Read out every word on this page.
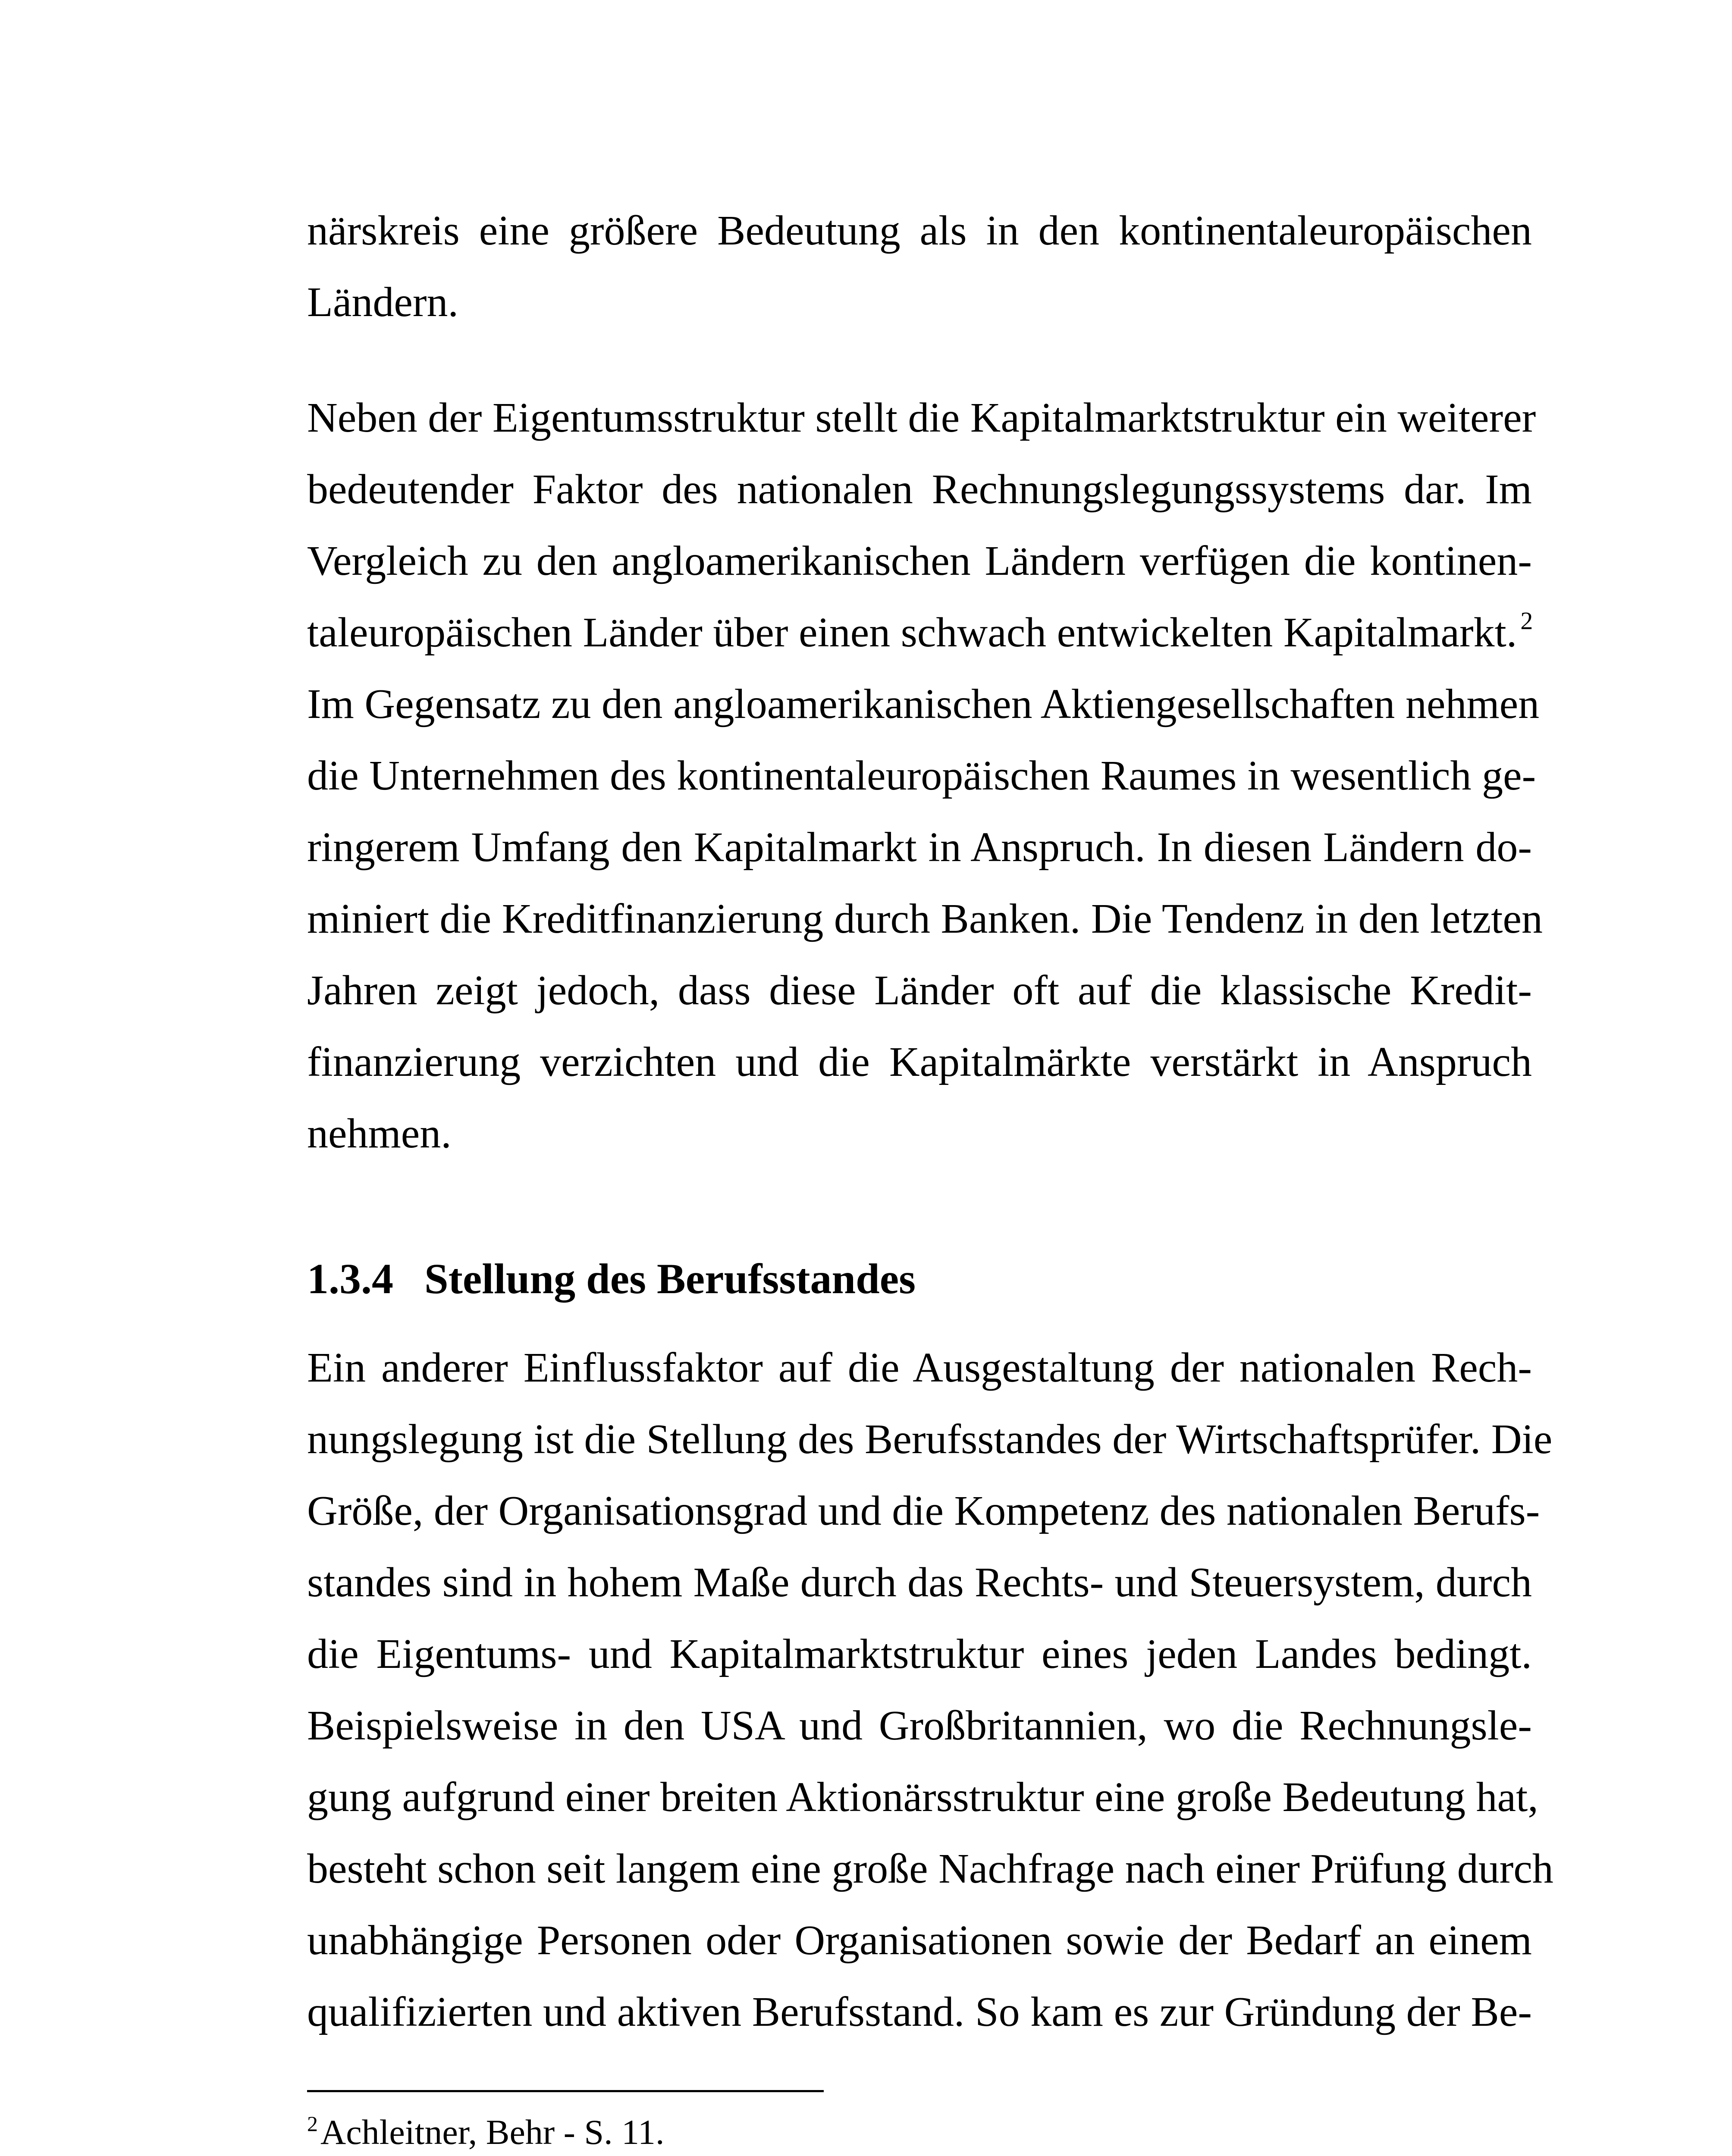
närskreis eine größere Bedeutung als in den kontinentaleuropäischen
Ländern.
Neben der Eigentumsstruktur stellt die Kapitalmarktstruktur ein weiterer
bedeutender Faktor des nationalen Rechnungslegungssystems dar. Im
Vergleich zu den angloamerikanischen Ländern verfügen die kontinen-
taleuropäischen Länder über einen schwach entwickelten Kapitalmarkt. $^2$
Im Gegensatz zu den angloamerikanischen Aktiengesellschaften nehmen
die Unternehmen des kontinentaleuropäischen Raumes in wesentlich ge-
ringerem Umfang den Kapitalmarkt in Anspruch. In diesen Ländern do-
miniert die Kreditfinanzierung durch Banken. Die Tendenz in den letzten
Jahren zeigt jedoch, dass diese Länder oft auf die klassische Kredit-
finanzierung verzichten und die Kapitalmärkte verstärkt in Anspruch
nehmen.
1.3.4 Stellung des Berufsstandes
Ein anderer Einflussfaktor auf die Ausgestaltung der nationalen Rech-
nungslegung ist die Stellung des Berufsstandes der Wirtschaftsprüfer. Die
Größe, der Organisationsgrad und die Kompetenz des nationalen Berufs-
standes sind in hohem Maße durch das Rechts- und Steuersystem, durch
die Eigentums- und Kapitalmarktstruktur eines jeden Landes bedingt.
Beispielsweise in den USA und Großbritannien, wo die Rechnungsle-
gung aufgrund einer breiten Aktionärsstruktur eine große Bedeutung hat,
besteht schon seit langem eine große Nachfrage nach einer Prüfung durch
unabhängige Personen oder Organisationen sowie der Bedarf an einem
qualifizierten und aktiven Berufsstand. So kam es zur Gründung der Be-
$^2$Achleitner, Behr - S. 11.
